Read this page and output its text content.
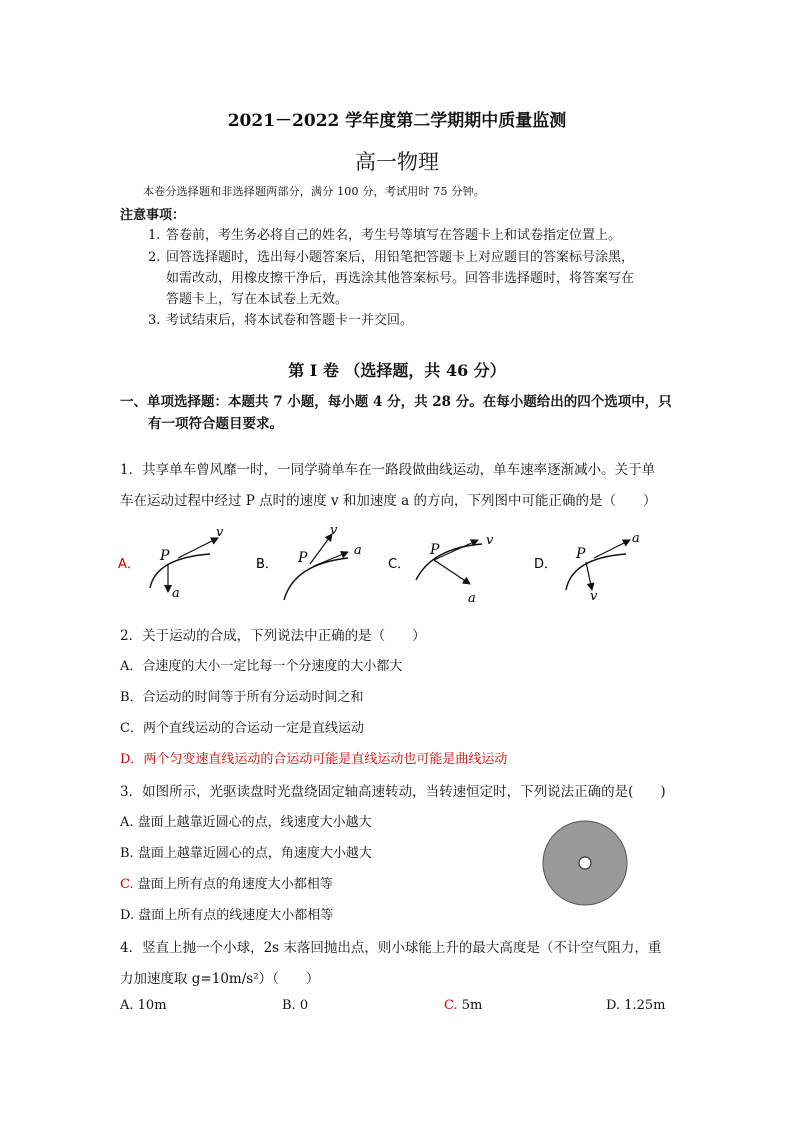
2021－2022 学年度第二学期期中质量监测
高一物理
本卷分选择题和非选择题两部分，满分 100 分，考试用时 75 分钟。
注意事项：
1. 答卷前，考生务必将自己的姓名，考生号等填写在答题卡上和试卷指定位置上。
2. 回答选择题时，选出每小题答案后，用铅笔把答题卡上对应题目的答案标号涂黑，
如需改动，用橡皮擦干净后，再选涂其他答案标号。回答非选择题时，将答案写在
答题卡上，写在本试卷上无效。
3. 考试结束后，将本试卷和答题卡一并交回。
第 I 卷 （选择题，共 46 分）
一、单项选择题：本题共 7 小题，每小题 4 分，共 28 分。在每小题给出的四个选项中，只
有一项符合题目要求。
1．共享单车曾风靡一时，一同学骑单车在一路段做曲线运动，单车速率逐渐减小。关于单
车在运动过程中经过 P 点时的速度 v 和加速度 a 的方向，下列图中可能正确的是（　　）
A．
P
v
a
B． P
v
a
C．
P
v
a
D．
P
a
v
2．关于运动的合成，下列说法中正确的是（　　）
A．合速度的大小一定比每一个分速度的大小都大
B．合运动的时间等于所有分运动时间之和
C．两个直线运动的合运动一定是直线运动
D．两个匀变速直线运动的合运动可能是直线运动也可能是曲线运动
3．如图所示，光驱读盘时光盘绕固定轴高速转动，当转速恒定时，下列说法正确的是(　　)
A. 盘面上越靠近圆心的点，线速度大小越大
B. 盘面上越靠近圆心的点，角速度大小越大
C. 盘面上所有点的角速度大小都相等
D. 盘面上所有点的线速度大小都相等
4．竖直上抛一个小球，2s 末落回抛出点，则小球能上升的最大高度是（不计空气阻力，重
力加速度取 g=10m/s²）（　　）
A. 10m	B. 0	C. 5m	D. 1.25m
